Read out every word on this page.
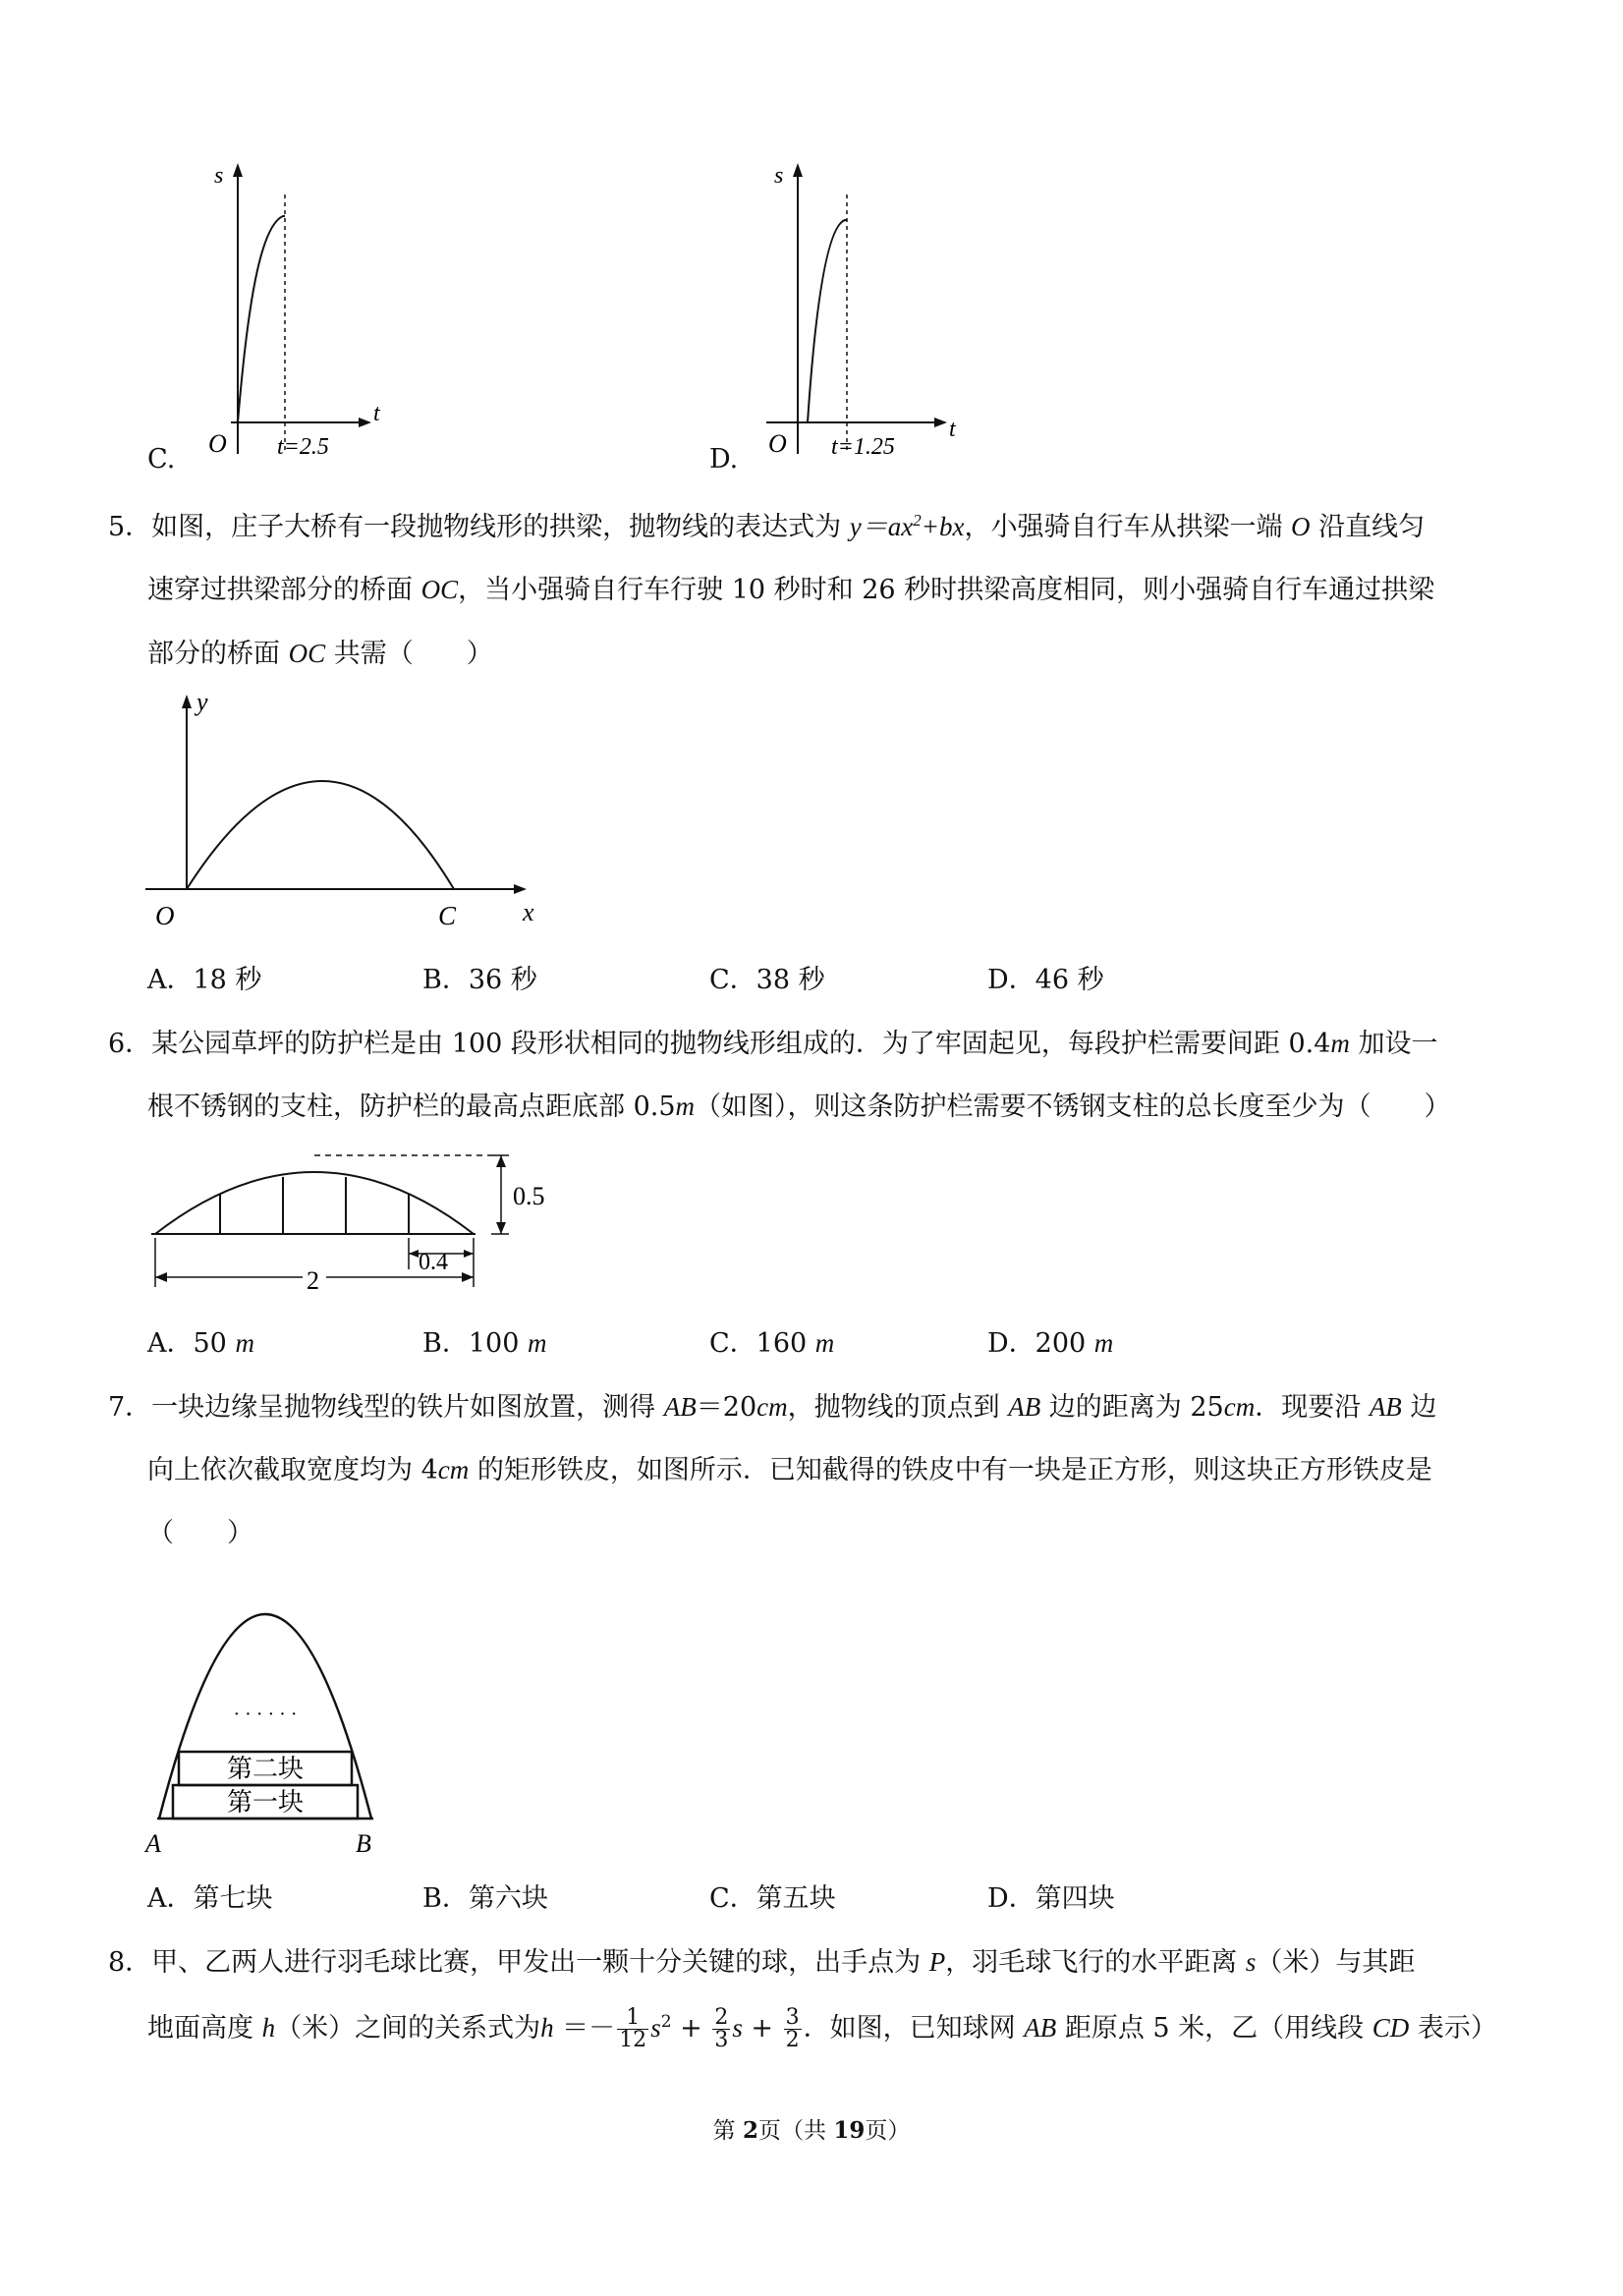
s
t
O t=2.5
C.
s
t
O t=1.25
D.
5．如图，庄子大桥有一段抛物线形的拱梁，抛物线的表达式为 $y=ax^2+bx$，小强骑自行车从拱梁一端 O 沿直线匀
速穿过拱梁部分的桥面 OC，当小强骑自行车行驶 10 秒时和 26 秒时拱梁高度相同，则小强骑自行车通过拱梁
部分的桥面 OC 共需（　　）
y
x
O	C
A．18 秒	B．36 秒	C．38 秒	D．46 秒
6．某公园草坪的防护栏是由 100 段形状相同的抛物线形组成的．为了牢固起见，每段护栏需要间距 0.4m 加设一
根不锈钢的支柱，防护栏的最高点距底部 0.5m（如图），则这条防护栏需要不锈钢支柱的总长度至少为（　　）
0.5
2
0.4
A．50 m	B．100 m	C．160 m	D．200 m
7．一块边缘呈抛物线型的铁片如图放置，测得 AB＝20cm，抛物线的顶点到 AB 边的距离为 25cm．现要沿 AB 边
向上依次截取宽度均为 4cm 的矩形铁皮，如图所示．已知截得的铁皮中有一块是正方形，则这块正方形铁皮是
（　　）
第一块
第二块
· · · · · ·
A	B
A．第七块	B．第六块	C．第五块	D．第四块
8．甲、乙两人进行羽毛球比赛，甲发出一颗十分关键的球，出手点为 P，羽毛球飞行的水平距离 s（米）与其距
地面高度 h（米）之间的关系式为$h =- \frac{1}{12} s^2 + \frac{2}{3}$ $s + \frac{3}{2}$ ．如图，已知球网 AB 距原点 5 米，乙（用线段 CD 表示）
第 2页（共 19页）
